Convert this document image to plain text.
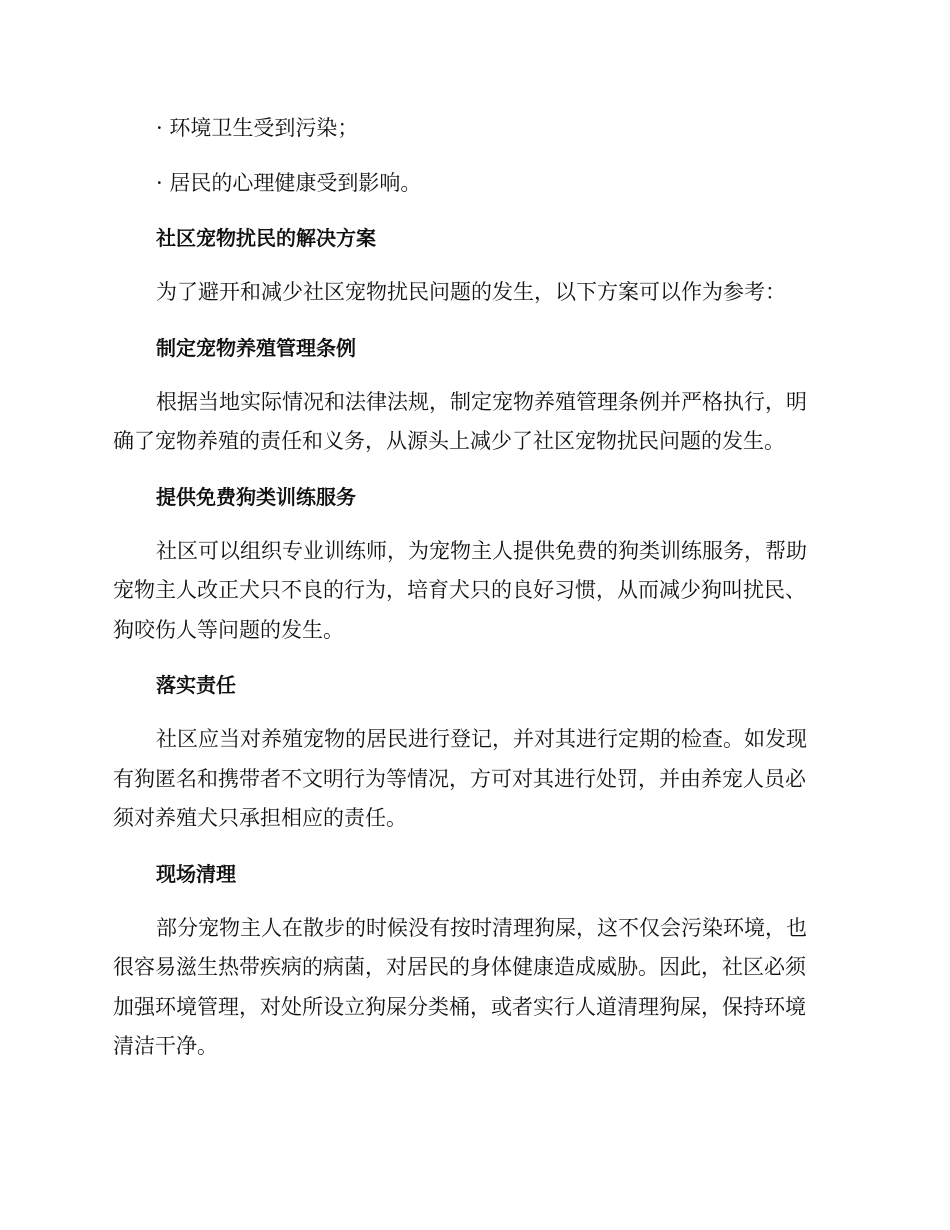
· 环境卫生受到污染；
· 居民的心理健康受到影响。
社区宠物扰民的解决方案
为了避开和减少社区宠物扰民问题的发生，以下方案可以作为参考：
制定宠物养殖管理条例
根据当地实际情况和法律法规，制定宠物养殖管理条例并严格执行，明
确了宠物养殖的责任和义务，从源头上减少了社区宠物扰民问题的发生。
提供免费狗类训练服务
社区可以组织专业训练师，为宠物主人提供免费的狗类训练服务，帮助
宠物主人改正犬只不良的行为，培育犬只的良好习惯，从而减少狗叫扰民、
狗咬伤人等问题的发生。
落实责任
社区应当对养殖宠物的居民进行登记，并对其进行定期的检查。如发现
有狗匿名和携带者不文明行为等情况，方可对其进行处罚，并由养宠人员必
须对养殖犬只承担相应的责任。
现场清理
部分宠物主人在散步的时候没有按时清理狗屎，这不仅会污染环境，也
很容易滋生热带疾病的病菌，对居民的身体健康造成威胁。因此，社区必须
加强环境管理，对处所设立狗屎分类桶，或者实行人道清理狗屎，保持环境
清洁干净。
